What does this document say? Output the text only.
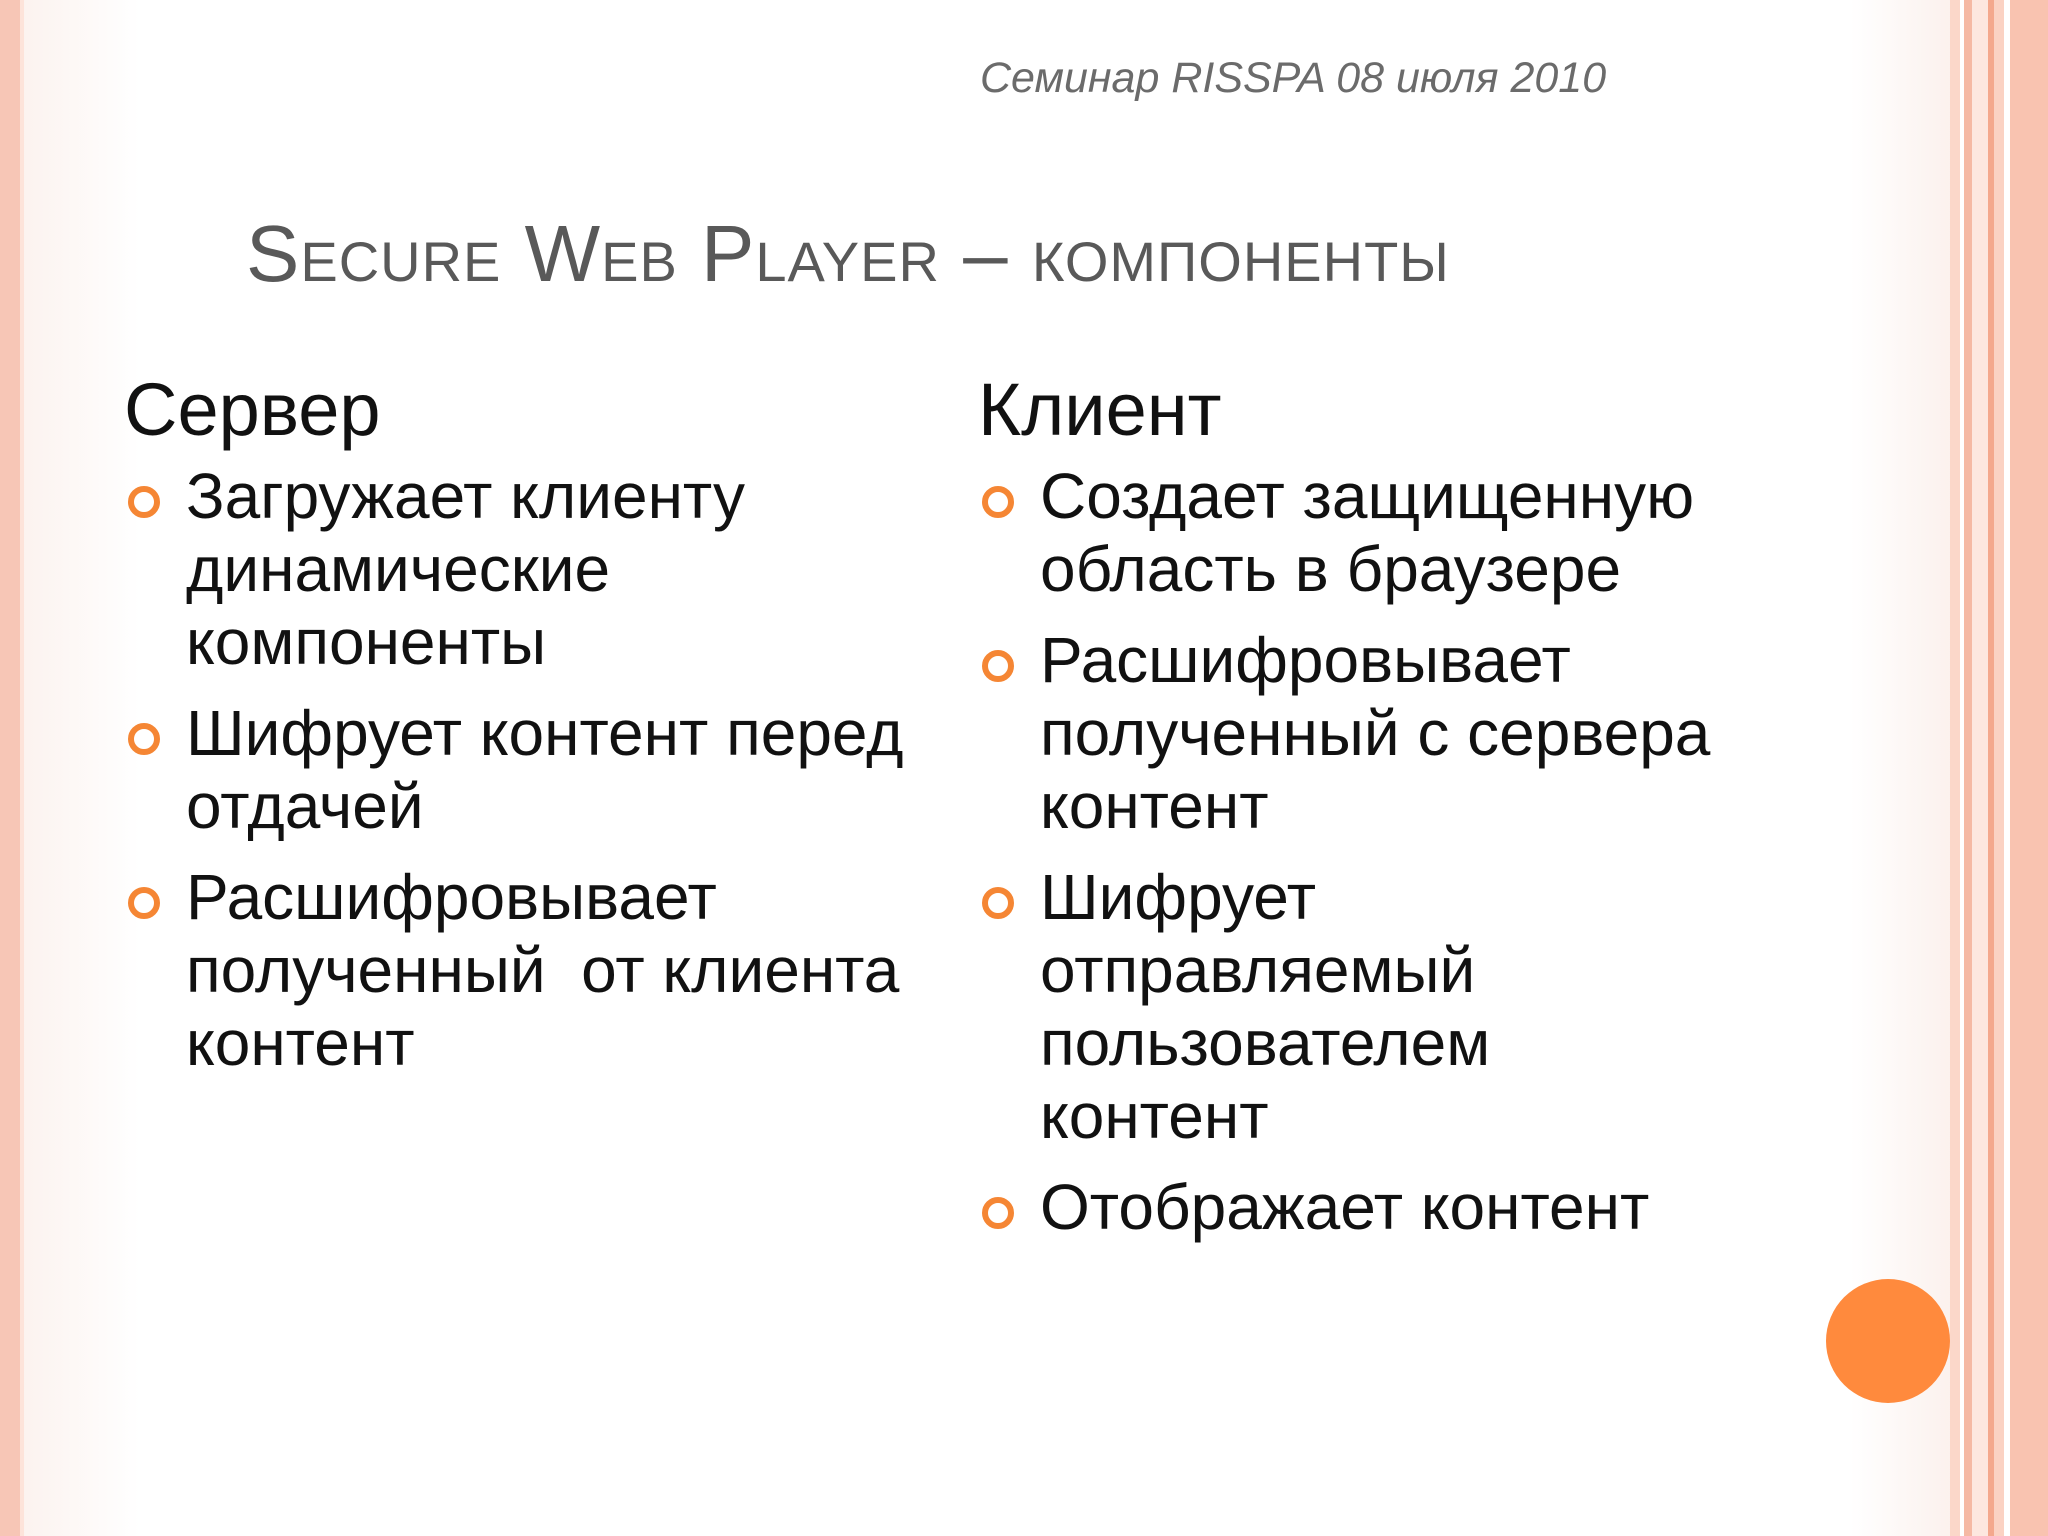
Семинар RISSPA 08 июля 2010
Secure Web Player – компоненты
Сервер
Загружает клиенту динамические компоненты
Шифрует контент перед отдачей
Расшифровывает полученный  от клиента контент
Клиент
Создает защищенную область в браузере
Расшифровывает полученный с сервера контент
Шифрует отправляемый пользователем контент
Отображает контент
